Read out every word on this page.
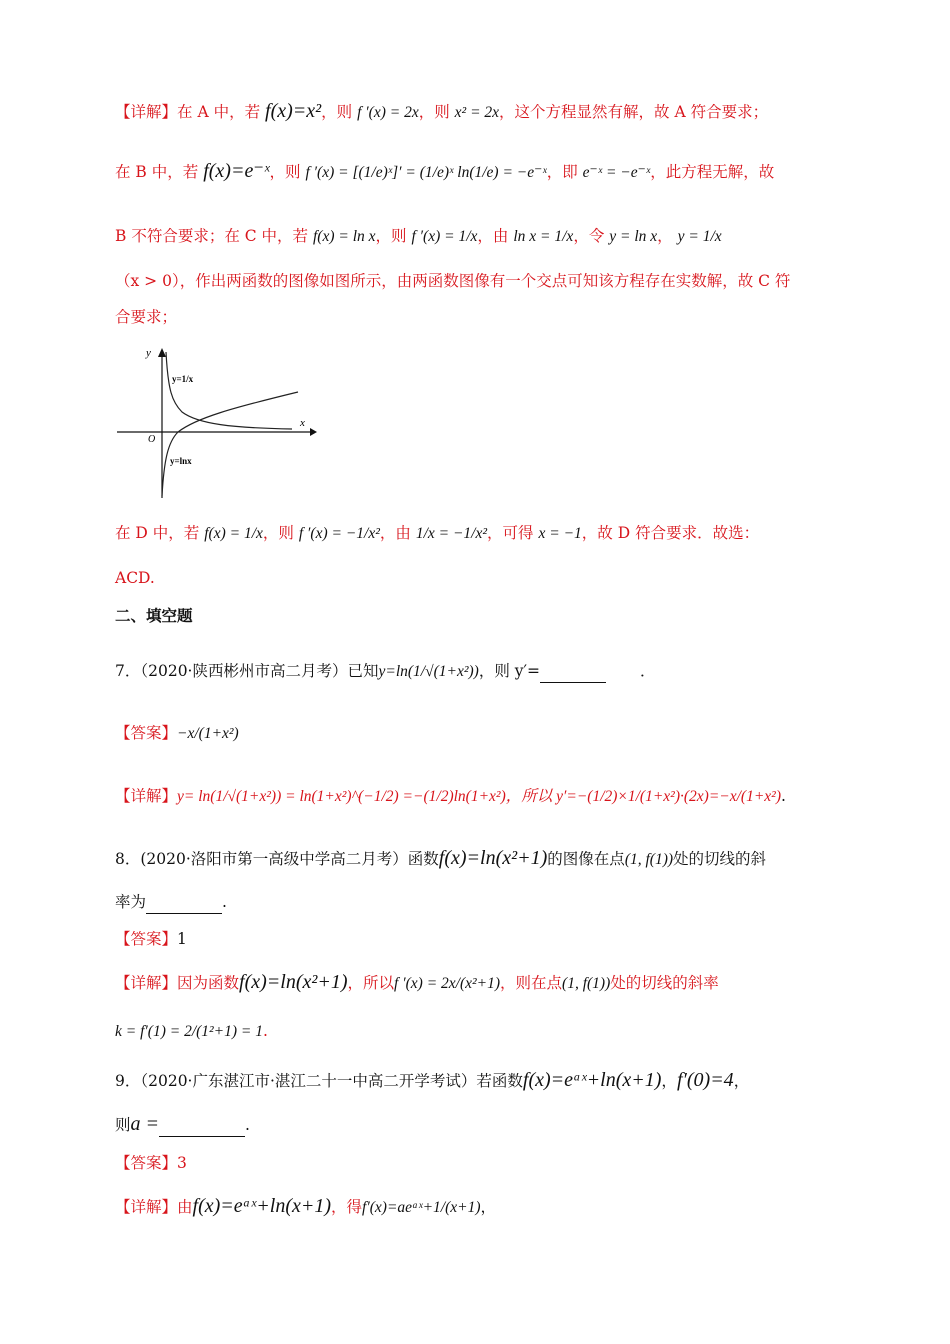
【详解】在 A 中，若 f(x)=x²，则 f ′(x) = 2x，则 x² = 2x，这个方程显然有解，故 A 符合要求；
在 B 中，若 f(x)=e⁻ˣ，则 f ′(x) = [(1/e)ˣ]′ = (1/e)ˣ ln(1/e) = −e⁻ˣ，即 e⁻ˣ = −e⁻ˣ，此方程无解，故
B 不符合要求；在 C 中，若 f(x) = ln x，则 f ′(x) = 1/x，由 ln x = 1/x，令 y = ln x， y = 1/x
（x > 0），作出两函数的图像如图所示，由两函数图像有一个交点可知该方程存在实数解，故 C 符
合要求；
y
x
O
y=1/x
y=lnx
在 D 中，若 f(x) = 1/x，则 f ′(x) = −1/x²，由 1/x = −1/x²，可得 x = −1，故 D 符合要求．故选：
ACD.
二、填空题
7．（2020·陕西彬州市高二月考）已知y=ln(1/√(1+x²))，则 y′=	．
【答案】−x/(1+x²)
【详解】y= ln(1/√(1+x²)) = ln(1+x²)^(−1/2) =−(1/2)ln(1+x²)，所以 y′=−(1/2)×1/(1+x²)·(2x)=−x/(1+x²).
8．(2020·洛阳市第一高级中学高二月考）函数f(x)=ln(x²+1)的图像在点(1, f(1))处的切线的斜
率为	.
【答案】1
【详解】因为函数f(x)=ln(x²+1)，所以f ′(x) = 2x/(x²+1)，则在点(1, f(1))处的切线的斜率
k = f′(1) = 2/(1²+1) = 1.
9．（2020·广东湛江市·湛江二十一中高二开学考试）若函数f(x)=eᵃˣ+ln(x+1)，f′(0)=4，
则a =	.
【答案】3
【详解】由f(x)=eᵃˣ+ln(x+1)，得f′(x)=aeᵃˣ+1/(x+1)，
